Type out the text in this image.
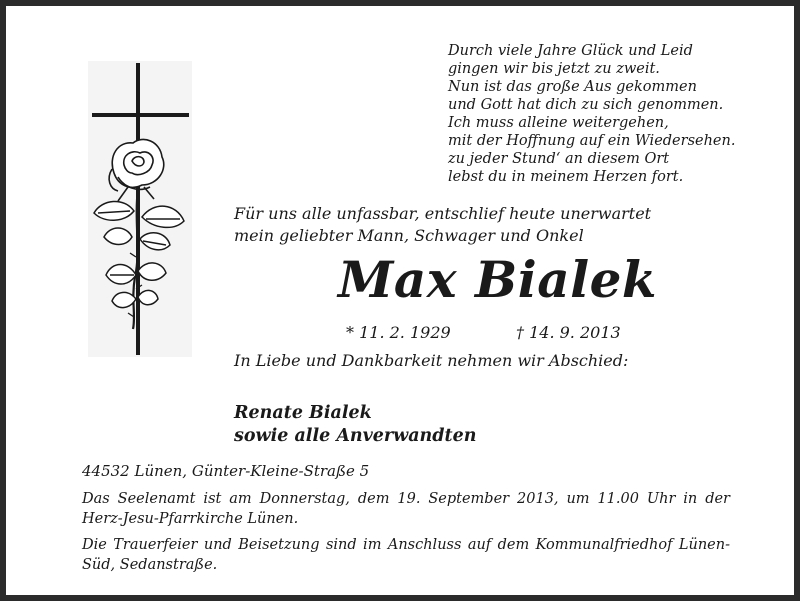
Durch viele Jahre Glück und Leid
gingen wir bis jetzt zu zweit.
Nun ist das große Aus gekommen
und Gott hat dich zu sich genommen.
Ich muss alleine weitergehen,
mit der Hoffnung auf ein Wiedersehen.
zu jeder Stund‘ an diesem Ort
lebst du in meinem Herzen fort.
Für uns alle unfassbar, entschlief heute unerwartet
mein geliebter Mann, Schwager und Onkel
Max Bialek
* 11. 2. 1929	† 14. 9. 2013
In Liebe und Dankbarkeit nehmen wir Abschied:
Renate Bialek
sowie alle Anverwandten
44532 Lünen, Günter-Kleine-Straße 5
Das Seelenamt ist am Donnerstag, dem 19. September 2013, um 11.00 Uhr in der Herz-Jesu-Pfarrkirche Lünen.
Die Trauerfeier und Beisetzung sind im Anschluss auf dem Kommunalfriedhof Lünen-Süd, Sedanstraße.
